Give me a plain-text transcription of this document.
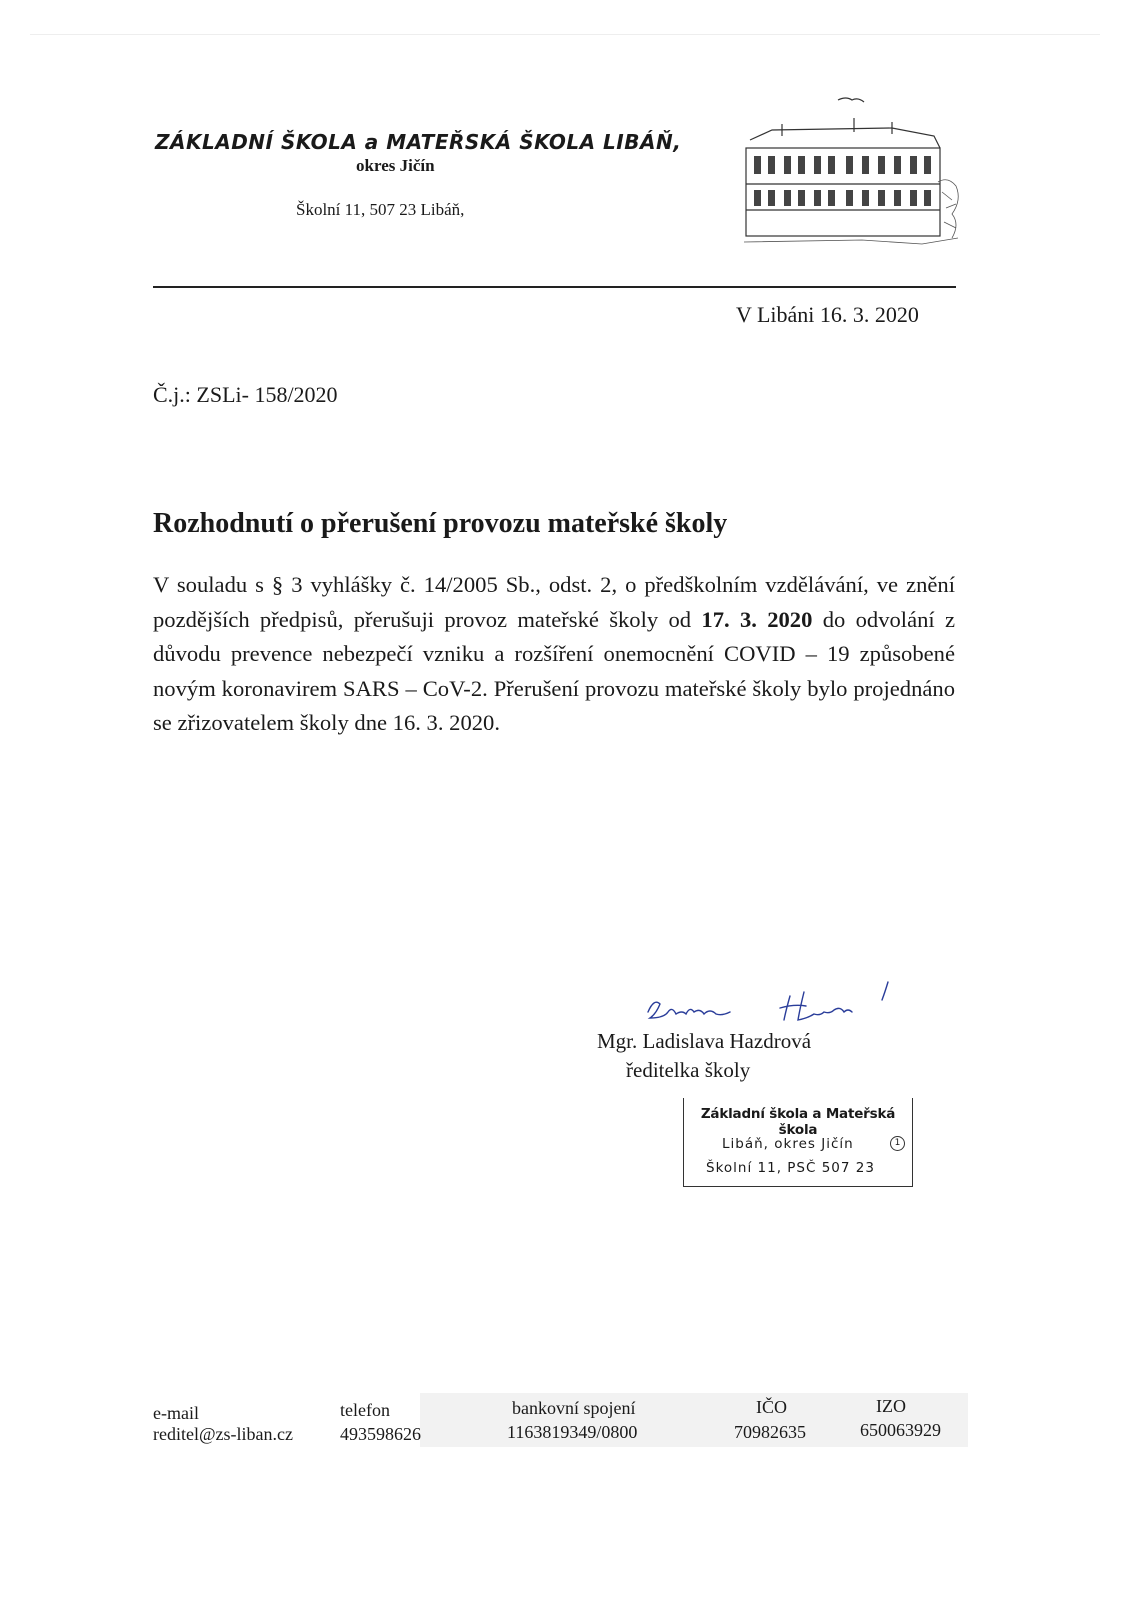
ZÁKLADNÍ ŠKOLA a MATEŘSKÁ ŠKOLA LIBÁŇ,
okres Jičín
Školní 11, 507 23 Libáň,
V Libáni 16. 3. 2020
Č.j.: ZSLi- 158/2020
Rozhodnutí o přerušení provozu mateřské školy
V souladu s § 3 vyhlášky č. 14/2005 Sb., odst. 2, o předškolním vzdělávání, ve znění pozdějších předpisů, přerušuji provoz mateřské školy od 17. 3. 2020 do odvolání z důvodu prevence nebezpečí vzniku a rozšíření onemocnění COVID – 19 způsobené novým koronavirem SARS – CoV-2. Přerušení provozu mateřské školy bylo projednáno se zřizovatelem školy dne 16. 3. 2020.
Mgr. Ladislava Hazdrová
ředitelka školy
Základní škola a Mateřská škola
Libáň, okres Jičín	1
Školní 11, PSČ 507 23
e-mail
reditel@zs-liban.cz
telefon
493598626
bankovní spojení
1163819349/0800
IČO
70982635
IZO
650063929
